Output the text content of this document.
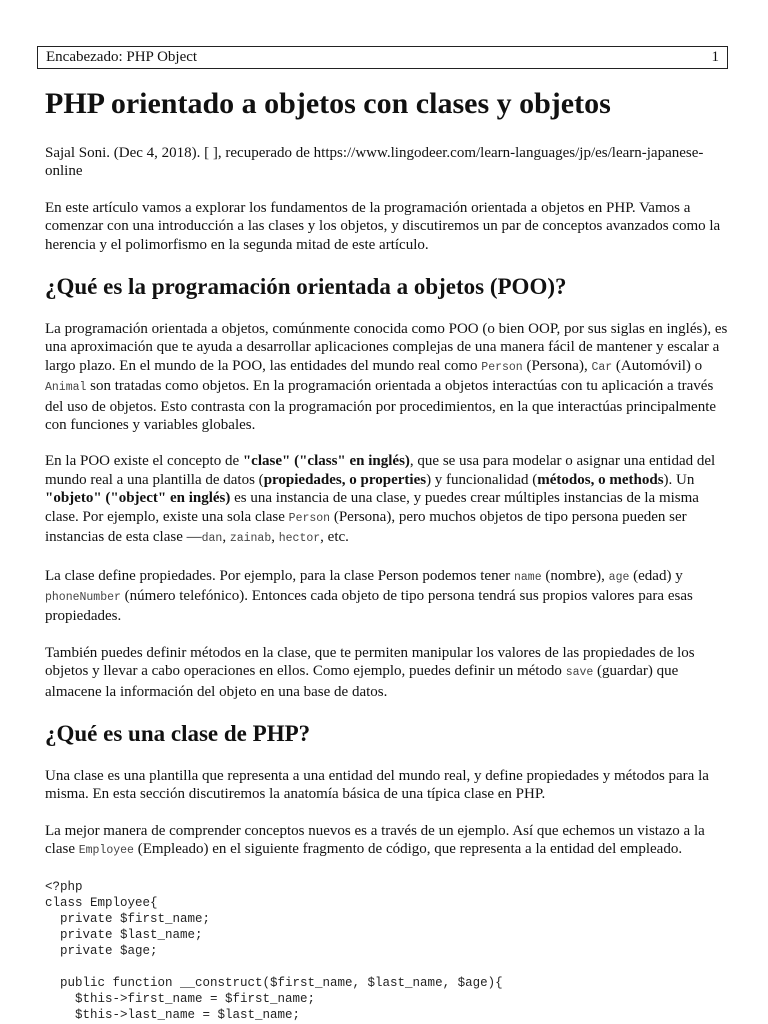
Encabezado: PHP Object	1
PHP orientado a objetos con clases y objetos

Sajal Soni. (Dec 4, 2018). [ ], recuperado de https://www.lingodeer.com/learn-languages/jp/es/learn-japanese-online

En este artículo vamos a explorar los fundamentos de la programación orientada a objetos en PHP. Vamos a comenzar con una introducción a las clases y los objetos, y discutiremos un par de conceptos avanzados como la herencia y el polimorfismo en la segunda mitad de este artículo.

¿Qué es la programación orientada a objetos (POO)?

La programación orientada a objetos, comúnmente conocida como POO (o bien OOP, por sus siglas en inglés), es una aproximación que te ayuda a desarrollar aplicaciones complejas de una manera fácil de mantener y escalar a largo plazo. En el mundo de la POO, las entidades del mundo real como Person (Persona), Car (Automóvil) o Animal son tratadas como objetos. En la programación orientada a objetos interactúas con tu aplicación a través del uso de objetos. Esto contrasta con la programación por procedimientos, en la que interactúas principalmente con funciones y variables globales.

En la POO existe el concepto de "clase" ("class" en inglés), que se usa para modelar o asignar una entidad del mundo real a una plantilla de datos (propiedades, o properties) y funcionalidad (métodos, o methods). Un "objeto" ("object" en inglés) es una instancia de una clase, y puedes crear múltiples instancias de la misma clase. Por ejemplo, existe una sola clase Person (Persona), pero muchos objetos de tipo persona pueden ser instancias de esta clase —dan, zainab, hector, etc.

La clase define propiedades. Por ejemplo, para la clase Person podemos tener name (nombre), age (edad) y phoneNumber (número telefónico). Entonces cada objeto de tipo persona tendrá sus propios valores para esas propiedades.

También puedes definir métodos en la clase, que te permiten manipular los valores de las propiedades de los objetos y llevar a cabo operaciones en ellos. Como ejemplo, puedes definir un método save (guardar) que almacene la información del objeto en una base de datos.

¿Qué es una clase de PHP?

Una clase es una plantilla que representa a una entidad del mundo real, y define propiedades y métodos para la misma. En esta sección discutiremos la anatomía básica de una típica clase en PHP.

La mejor manera de comprender conceptos nuevos es a través de un ejemplo. Así que echemos un vistazo a la clase Employee (Empleado) en el siguiente fragmento de código, que representa a la entidad del empleado.

<?php
class Employee{
private $first_name;
private $last_name;
private $age;

public function __construct($first_name, $last_name, $age){
$this->first_name = $first_name;
$this->last_name = $last_name;
